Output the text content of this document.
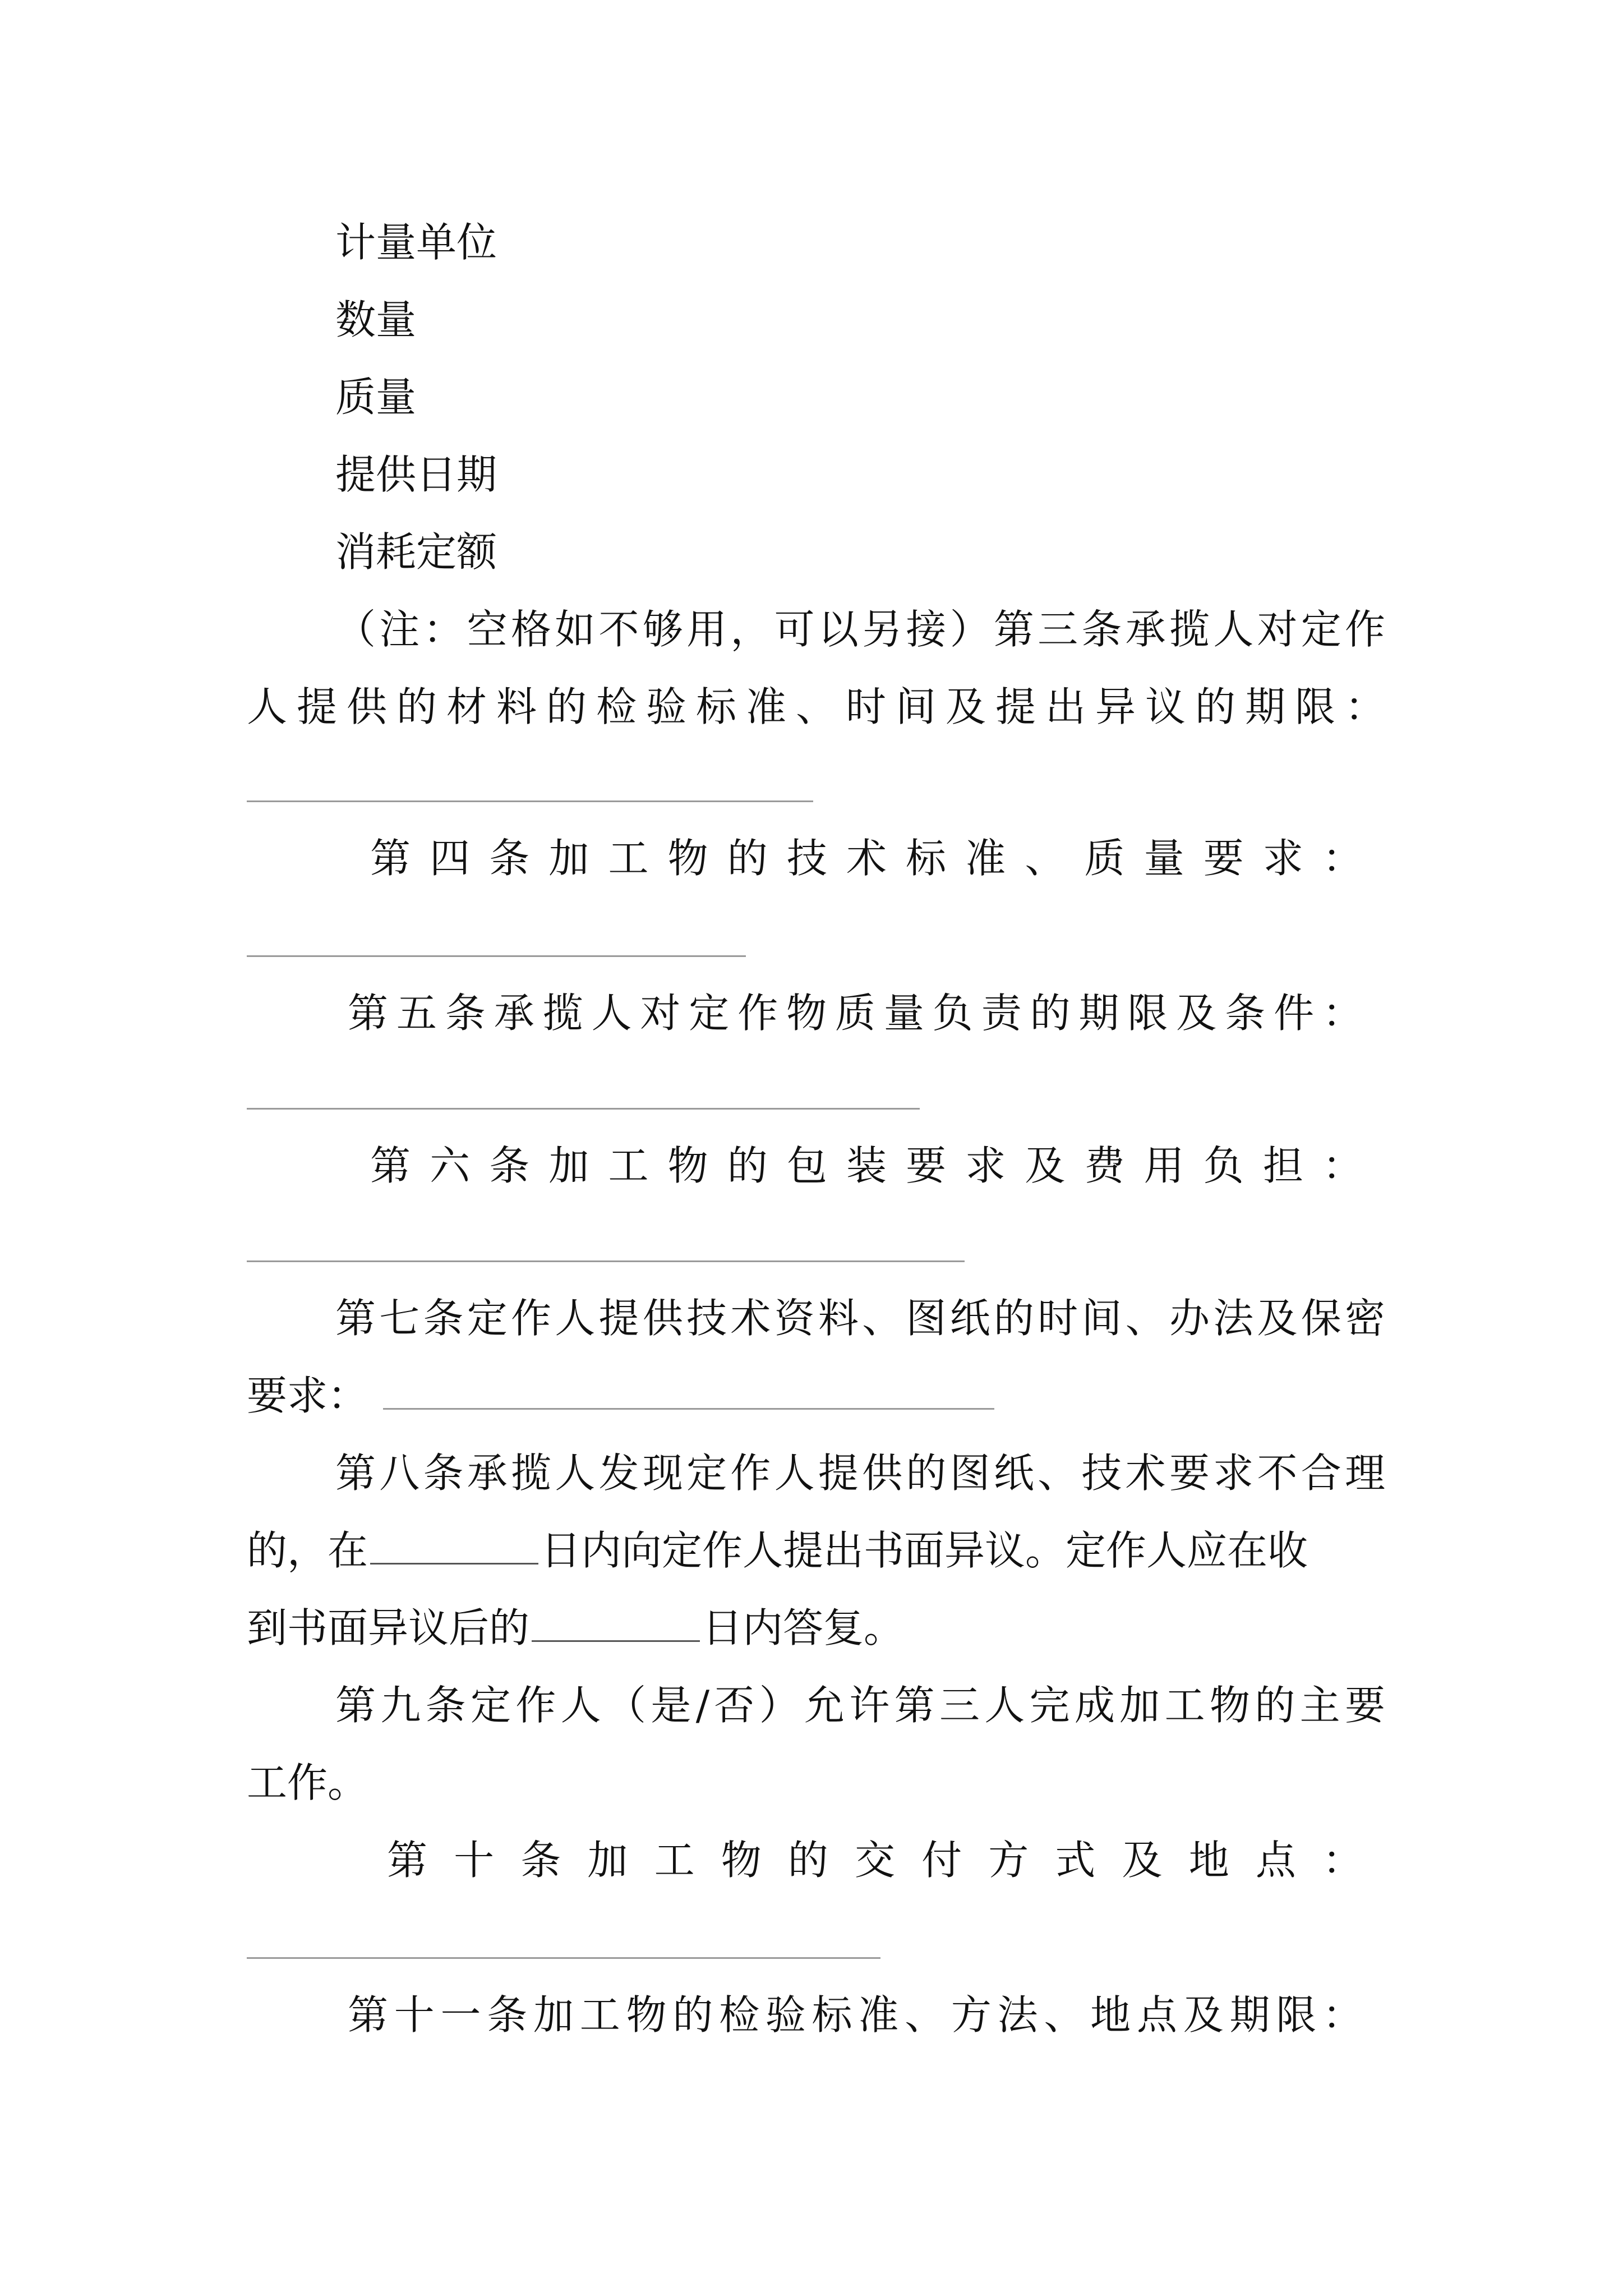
计量单位
数量
质量
提供日期
消耗定额
（注：空格如不够用，可以另接）第三条承揽人对定作
人提供的材料的检验标准、时间及提出异议的期限：
第四条加工物的技术标准、质量要求：
第五条承揽人对定作物质量负责的期限及条件：
第六条加工物的包装要求及费用负担：
第七条定作人提供技术资料、图纸的时间、办法及保密
要求：
第八条承揽人发现定作人提供的图纸、技术要求不合理
的，在	日内向定作人提出书面异议。定作人应在收
到书面异议后的	日内答复。
第九条定作人（是/否）允许第三人完成加工物的主要
工作。
第十条加工物的交付方式及地点：
第十一条加工物的检验标准、方法、地点及期限：
